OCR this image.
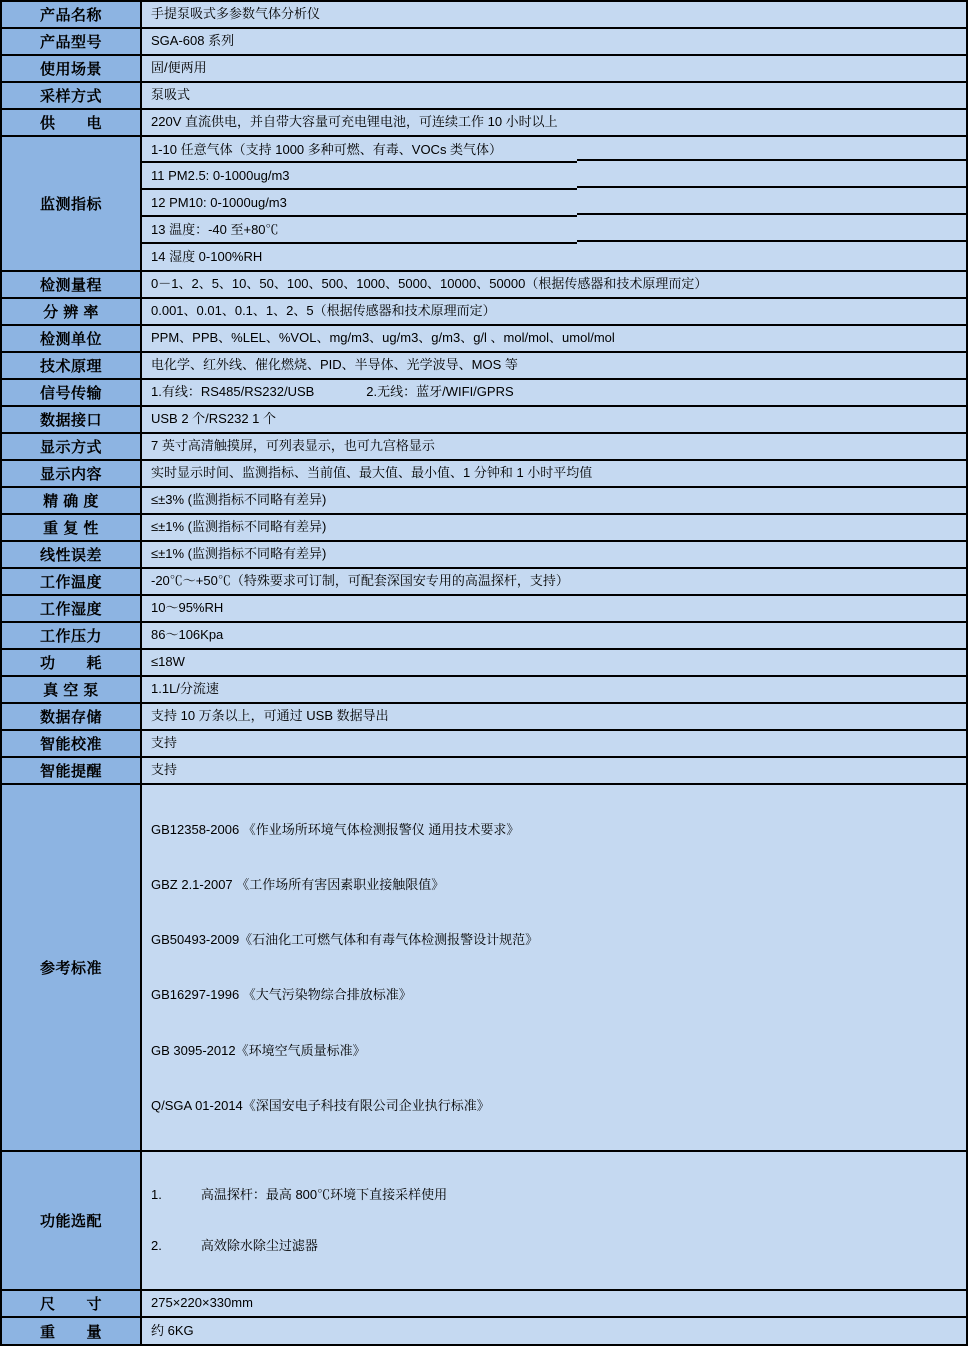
产品名称	手提泵吸式多参数气体分析仪
产品型号	SGA-608 系列
使用场景	固/便两用
采样方式	泵吸式
供　　电	220V 直流供电，并自带大容量可充电锂电池，可连续工作 10 小时以上
监测指标	1-10 任意气体（支持 1000 多种可燃、有毒、VOCs 类气体）
	11 PM2.5: 0-1000ug/m3
	12 PM10: 0-1000ug/m3
	13 温度：-40 至+80℃
	14 湿度 0-100%RH
检测量程	0－1、2、5、10、50、100、500、1000、5000、10000、50000（根据传感器和技术原理而定）
分 辨 率	0.001、0.01、0.1、1、2、5（根据传感器和技术原理而定）
检测单位	PPM、PPB、%LEL、%VOL、mg/m3、ug/m3、g/m3、g/l 、mol/mol、umol/mol
技术原理	电化学、红外线、催化燃烧、PID、半导体、光学波导、MOS 等
信号传输	1.有线：RS485/RS232/USB　　　　2.无线：蓝牙/WIFI/GPRS
数据接口	USB 2 个/RS232 1 个
显示方式	7 英寸高清触摸屏，可列表显示，也可九宫格显示
显示内容	实时显示时间、监测指标、当前值、最大值、最小值、1 分钟和 1 小时平均值
精 确 度	≤±3% (监测指标不同略有差异)
重 复 性	≤±1% (监测指标不同略有差异)
线性误差	≤±1% (监测指标不同略有差异)
工作温度	-20℃～+50℃（特殊要求可订制，可配套深国安专用的高温探杆，支持）
工作湿度	10～95%RH
工作压力	86～106Kpa
功　　耗	≤18W
真 空 泵	1.1L/分流速
数据存储	支持 10 万条以上，可通过 USB 数据导出
智能校准	支持
智能提醒	支持
参考标准	

GB12358-2006 《作业场所环境气体检测报警仪 通用技术要求》

GBZ 2.1-2007 《工作场所有害因素职业接触限值》

GB50493-2009《石油化工可燃气体和有毒气体检测报警设计规范》

GB16297-1996 《大气污染物综合排放标准》

GB 3095-2012《环境空气质量标准》

Q/SGA 01-2014《深国安电子科技有限公司企业执行标准》

功能选配	1.　　　高温探杆：最高 800℃环境下直接采样使用

2.　　　高效除水除尘过滤器

尺　　寸	275×220×330mm
重　　量	约 6KG
